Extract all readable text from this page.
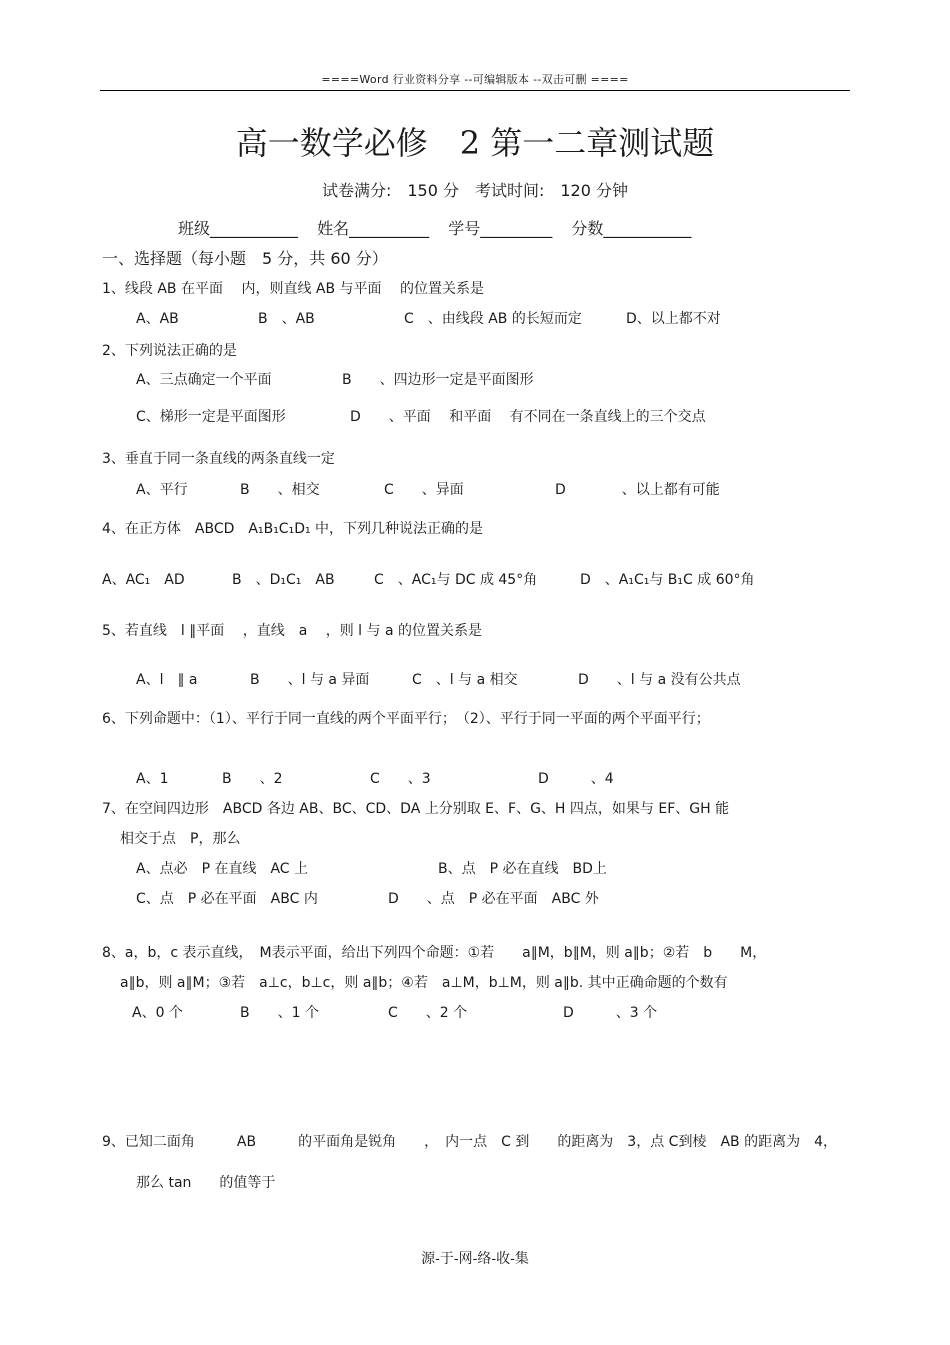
====Word 行业资料分享 --可编辑版本 --双击可删 ====
高一数学必修　2 第一二章测试题
试卷满分:　150 分　考试时间:　120 分钟
班级___________ 姓名__________ 学号_________ 分数___________
一、选择题（每小题　5 分，共 60 分）
1、线段 AB 在平面　 内，则直线 AB 与平面　 的位置关系是
A、AB	B　、AB	C　、由线段 AB 的长短而定	D、以上都不对
2、下列说法正确的是
A、三点确定一个平面	B　　、四边形一定是平面图形
C、梯形一定是平面图形	D　　、平面　 和平面　 有不同在一条直线上的三个交点
3、垂直于同一条直线的两条直线一定
A、平行	B　　、相交	C　　、异面	D　　　　、以上都有可能
4、在正方体　ABCD　A₁B₁C₁D₁ 中，下列几种说法正确的是
A、AC₁　AD	B　、D₁C₁　AB	C　、AC₁与 DC 成 45°角	D　、A₁C₁与 B₁C 成 60°角
5、若直线　l ∥平面　 ，直线　a　 ，则 l 与 a 的位置关系是
A、l　∥ a	B　　、l 与 a 异面	C　、l 与 a 相交	D　　、l 与 a 没有公共点
6、下列命题中：（1）、平行于同一直线的两个平面平行；　（2）、平行于同一平面的两个平面平行；
A、1	B　　、2	C　　、3	D　　　、4
7、在空间四边形　ABCD 各边 AB、BC、CD、DA 上分别取 E、F、G、H 四点，如果与 EF、GH 能
相交于点　P，那么
A、点必　P 在直线　AC 上	B、点　P 必在直线　BD上
C、点　P 必在平面　ABC 内	D　　、点　P 必在平面　ABC 外
8、a，b，c 表示直线，　M表示平面，给出下列四个命题：①若　　a∥M，b∥M，则 a∥b；②若　b　　M，
a∥b，则 a∥M；③若　a⊥c，b⊥c，则 a∥b；④若　a⊥M，b⊥M，则 a∥b. 其中正确命题的个数有
A、0 个	B　　、1 个	C　　、2 个	D　　　、3 个
9、已知二面角　　　AB　　　的平面角是锐角　　，　内一点　C 到　　的距离为　3，点 C到棱　AB 的距离为　4，
那么 tan　　的值等于
源-于-网-络-收-集
